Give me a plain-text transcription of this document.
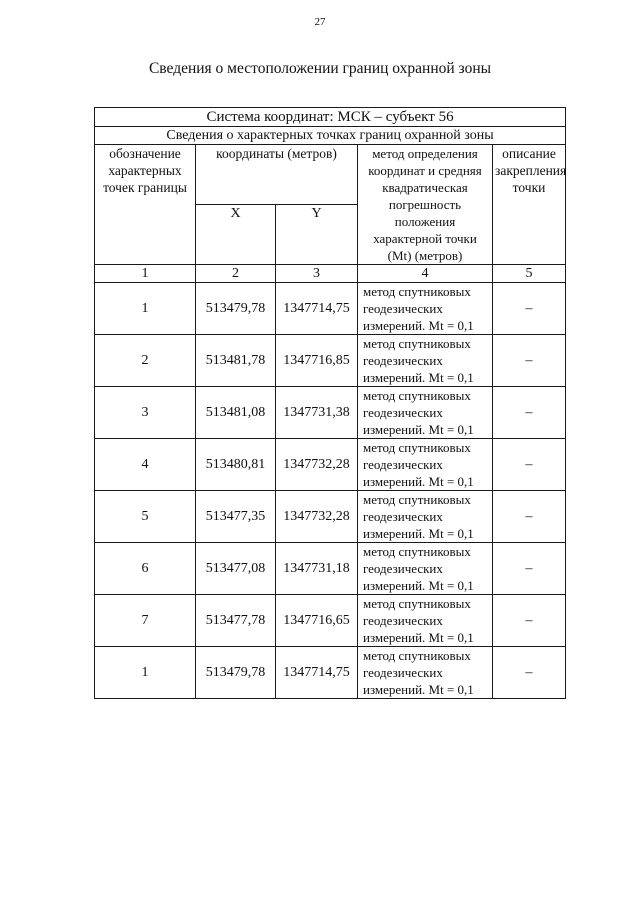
27
Сведения о местоположении границ охранной зоны
Система координат: МСК – субъект 56				
Сведения о характерных точках границ охранной зоны				
обозначение характерных точек границы	координаты (метров)		метод определения координат и средняя квадратическая погрешность положения характерной точки (Mt) (метров)	описание закрепления точки
	X	Y		
1	2	3	4	5
1	513479,78	1347714,75	метод спутниковых геодезических измерений. Mt = 0,1	–
2	513481,78	1347716,85	метод спутниковых геодезических измерений. Mt = 0,1	–
3	513481,08	1347731,38	метод спутниковых геодезических измерений. Mt = 0,1	–
4	513480,81	1347732,28	метод спутниковых геодезических измерений. Mt = 0,1	–
5	513477,35	1347732,28	метод спутниковых геодезических измерений. Mt = 0,1	–
6	513477,08	1347731,18	метод спутниковых геодезических измерений. Mt = 0,1	–
7	513477,78	1347716,65	метод спутниковых геодезических измерений. Mt = 0,1	–
1	513479,78	1347714,75	метод спутниковых геодезических измерений. Mt = 0,1	–
